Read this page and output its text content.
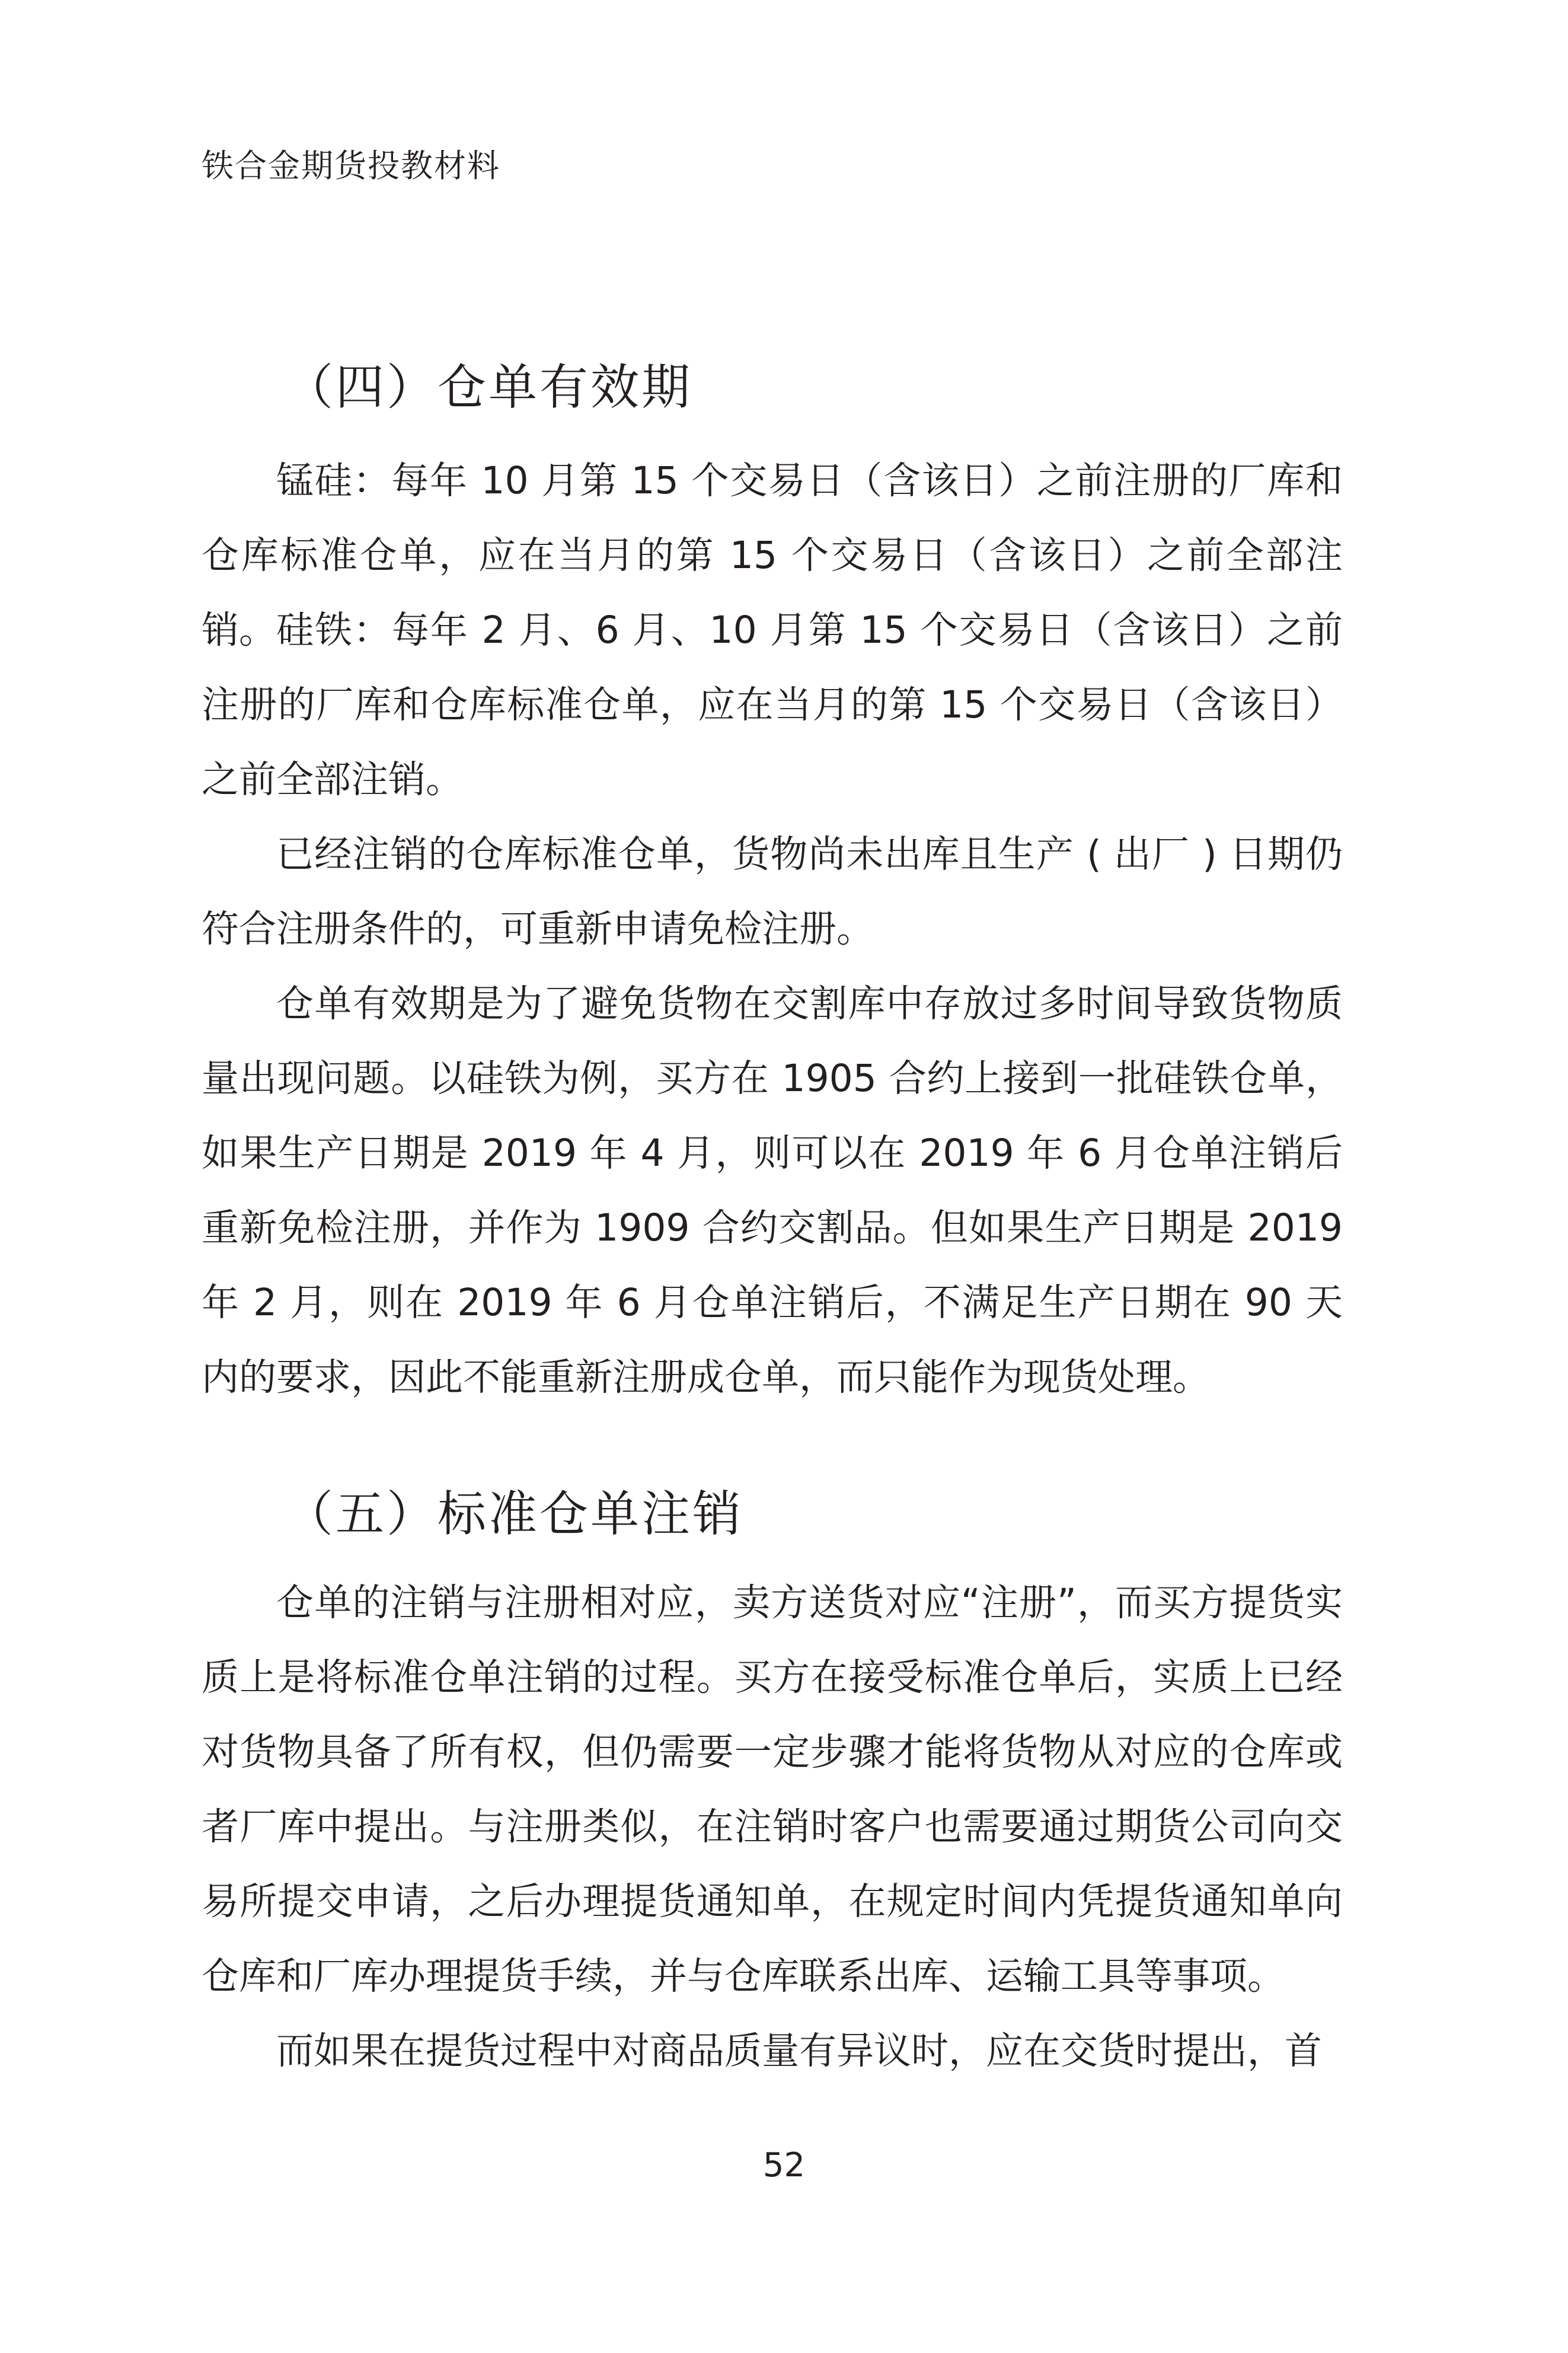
铁合金期货投教材料
（四）仓单有效期

锰硅：每年 10 月第 15 个交易日（含该日）之前注册的厂库和仓库标准仓单，应在当月的第 15 个交易日（含该日）之前全部注销。 硅铁：每年 2 月、6 月、10 月第 15 个交易日（含该日）之前注册的厂库和仓库标准仓单，应在当月的第 15 个交易日（含该日）之前全部注销。

已经注销的仓库标准仓单，货物尚未出库且生产 ( 出厂 ) 日期仍符合注册条件的，可重新申请免检注册。

仓单有效期是为了避免货物在交割库中存放过多时间导致货物质量出现问题。以硅铁为例，买方在 1905 合约上接到一批硅铁仓单，如果生产日期是 2019 年 4 月，则可以在 2019 年 6 月仓单注销后重新免检注册，并作为 1909 合约交割品。但如果生产日期是 2019 年 2 月，则在 2019 年 6 月仓单注销后，不满足生产日期在 90 天内的要求，因此不能重新注册成仓单，而只能作为现货处理。

（五）标准仓单注销

仓单的注销与注册相对应，卖方送货对应“注册”，而买方提货实质上是将标准仓单注销的过程。买方在接受标准仓单后，实质上已经对货物具备了所有权，但仍需要一定步骤才能将货物从对应的仓库或者厂库中提出。与注册类似，在注销时客户也需要通过期货公司向交易所提交申请，之后办理提货通知单，在规定时间内凭提货通知单向仓库和厂库办理提货手续，并与仓库联系出库、运输工具等事项。

而如果在提货过程中对商品质量有异议时，应在交货时提出，首

52
